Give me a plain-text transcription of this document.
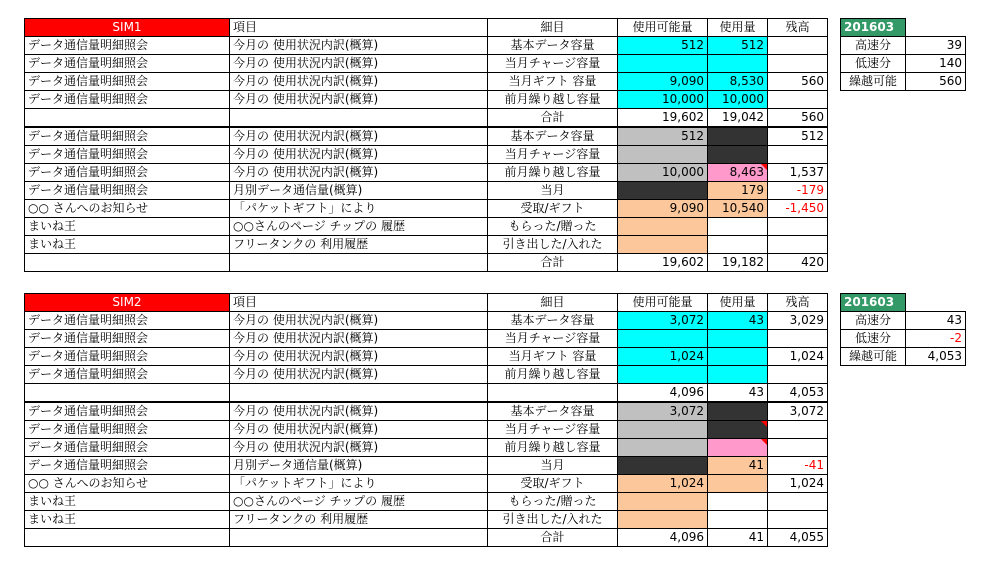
SIM1	項目	細目	使用可能量	使用量	残高
データ通信量明細照会	今月の 使用状況内訳(概算)	基本データ容量	512	512	
データ通信量明細照会	今月の 使用状況内訳(概算)	当月チャージ容量			
データ通信量明細照会	今月の 使用状況内訳(概算)	当月ギフト 容量	9,090	8,530	560
データ通信量明細照会	今月の 使用状況内訳(概算)	前月繰り越し容量	10,000	10,000	
		合計	19,602	19,042	560
データ通信量明細照会	今月の 使用状況内訳(概算)	基本データ容量	512		512
データ通信量明細照会	今月の 使用状況内訳(概算)	当月チャージ容量			
データ通信量明細照会	今月の 使用状況内訳(概算)	前月繰り越し容量	10,000	8,463	1,537
データ通信量明細照会	月別データ通信量(概算)	当月		179	-179
○○ さんへのお知らせ	「パケットギフト」により	受取/ギフト	9,090	10,540	-1,450
まいね王	○○さんのページ チップの 履歴	もらった/贈った			
まいね王	フリータンクの 利用履歴	引き出した/入れた			
		合計	19,602	19,182	420
201603	
高速分	39
低速分	140
繰越可能	560
SIM2	項目	細目	使用可能量	使用量	残高
データ通信量明細照会	今月の 使用状況内訳(概算)	基本データ容量	3,072	43	3,029
データ通信量明細照会	今月の 使用状況内訳(概算)	当月チャージ容量			
データ通信量明細照会	今月の 使用状況内訳(概算)	当月ギフト 容量	1,024		1,024
データ通信量明細照会	今月の 使用状況内訳(概算)	前月繰り越し容量			
			4,096	43	4,053
データ通信量明細照会	今月の 使用状況内訳(概算)	基本データ容量	3,072		3,072
データ通信量明細照会	今月の 使用状況内訳(概算)	当月チャージ容量			
データ通信量明細照会	今月の 使用状況内訳(概算)	前月繰り越し容量			
データ通信量明細照会	月別データ通信量(概算)	当月		41	-41
○○ さんへのお知らせ	「パケットギフト」により	受取/ギフト	1,024		1,024
まいね王	○○さんのページ チップの 履歴	もらった/贈った			
まいね王	フリータンクの 利用履歴	引き出した/入れた			
		合計	4,096	41	4,055
201603	
高速分	43
低速分	-2
繰越可能	4,053
